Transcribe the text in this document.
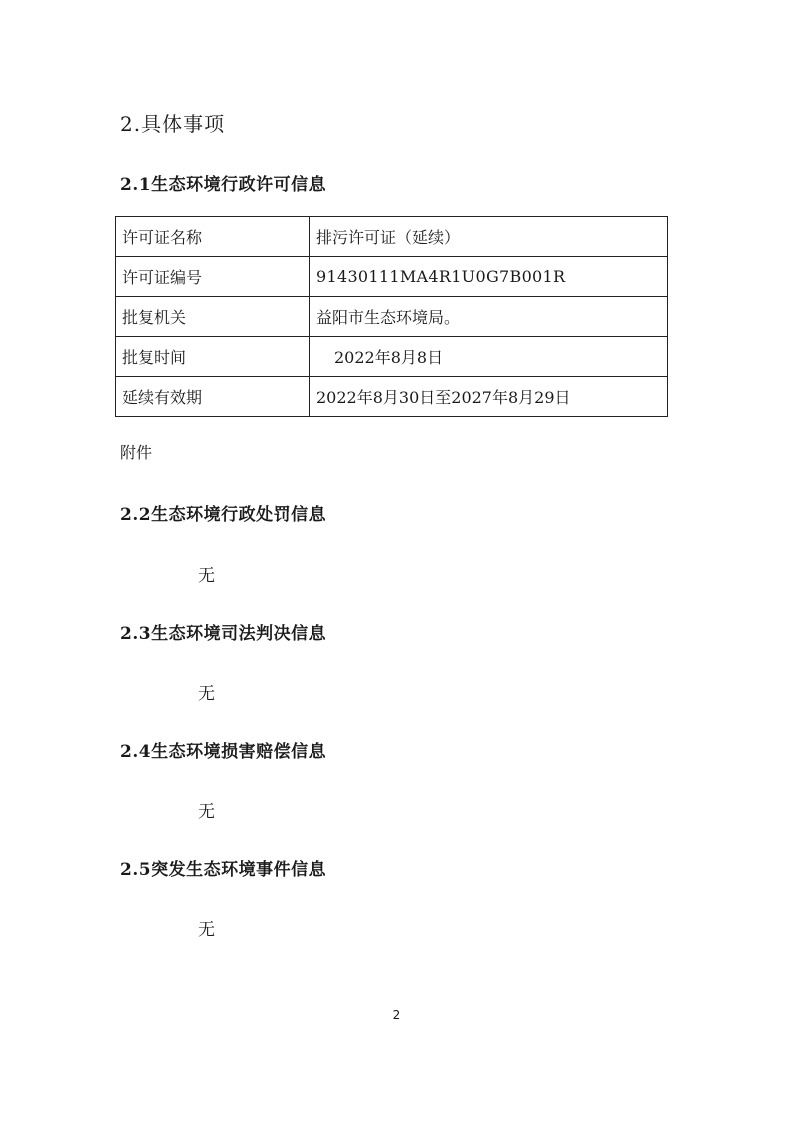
2.具体事项
2.1生态环境行政许可信息
许可证名称	排污许可证（延续）
许可证编号	91430111MA4R1U0G7B001R
批复机关	益阳市生态环境局。
批复时间	2022年8月8日
延续有效期	2022年8月30日至2027年8月29日
附件
2.2生态环境行政处罚信息
无
2.3生态环境司法判决信息
无
2.4生态环境损害赔偿信息
无
2.5突发生态环境事件信息
无
2
